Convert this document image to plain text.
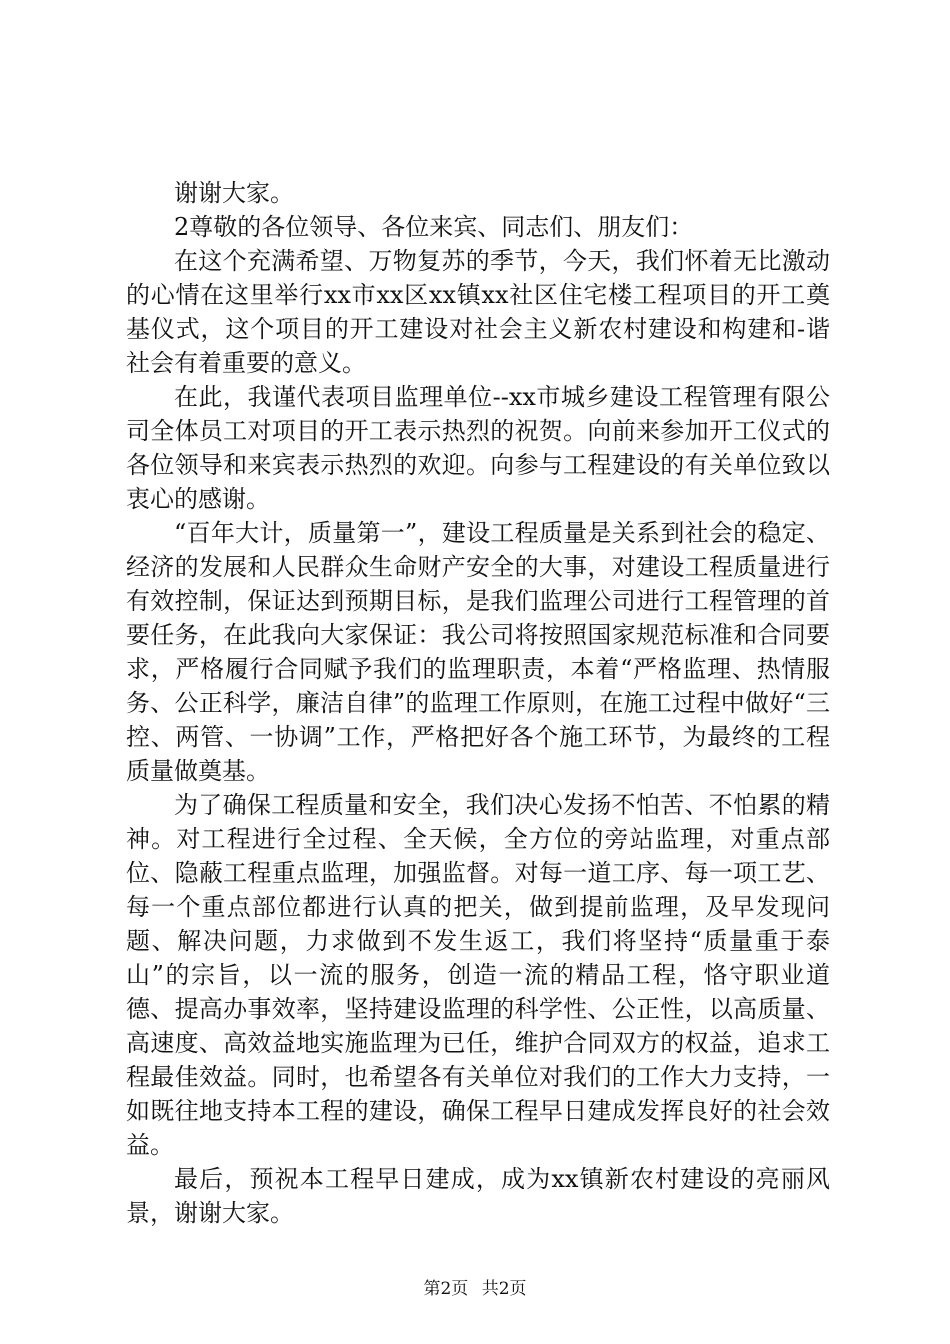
谢谢大家。

2尊敬的各位领导、各位来宾、同志们、朋友们：

在这个充满希望、万物复苏的季节，今天，我们怀着无比激动的心情在这里举行xx市xx区xx镇xx社区住宅楼工程项目的开工奠基仪式，这个项目的开工建设对社会主义新农村建设和构建和-谐社会有着重要的意义。

在此，我谨代表项目监理单位--xx市城乡建设工程管理有限公司全体员工对项目的开工表示热烈的祝贺。向前来参加开工仪式的各位领导和来宾表示热烈的欢迎。向参与工程建设的有关单位致以衷心的感谢。

“百年大计，质量第一”，建设工程质量是关系到社会的稳定、经济的发展和人民群众生命财产安全的大事，对建设工程质量进行有效控制，保证达到预期目标，是我们监理公司进行工程管理的首要任务，在此我向大家保证：我公司将按照国家规范标准和合同要求，严格履行合同赋予我们的监理职责，本着“严格监理、热情服务、公正科学，廉洁自律”的监理工作原则，在施工过程中做好“三控、两管、一协调”工作，严格把好各个施工环节，为最终的工程质量做奠基。

为了确保工程质量和安全，我们决心发扬不怕苦、不怕累的精神。对工程进行全过程、全天候，全方位的旁站监理，对重点部位、隐蔽工程重点监理，加强监督。对每一道工序、每一项工艺、每一个重点部位都进行认真的把关，做到提前监理，及早发现问题、解决问题，力求做到不发生返工，我们将坚持“质量重于泰山”的宗旨，以一流的服务，创造一流的精品工程，恪守职业道德、提高办事效率，坚持建设监理的科学性、公正性，以高质量、高速度、高效益地实施监理为已任，维护合同双方的权益，追求工程最佳效益。同时，也希望各有关单位对我们的工作大力支持，一如既往地支持本工程的建设，确保工程早日建成发挥良好的社会效益。

最后，预祝本工程早日建成，成为xx镇新农村建设的亮丽风景，谢谢大家。

第2页 共2页
